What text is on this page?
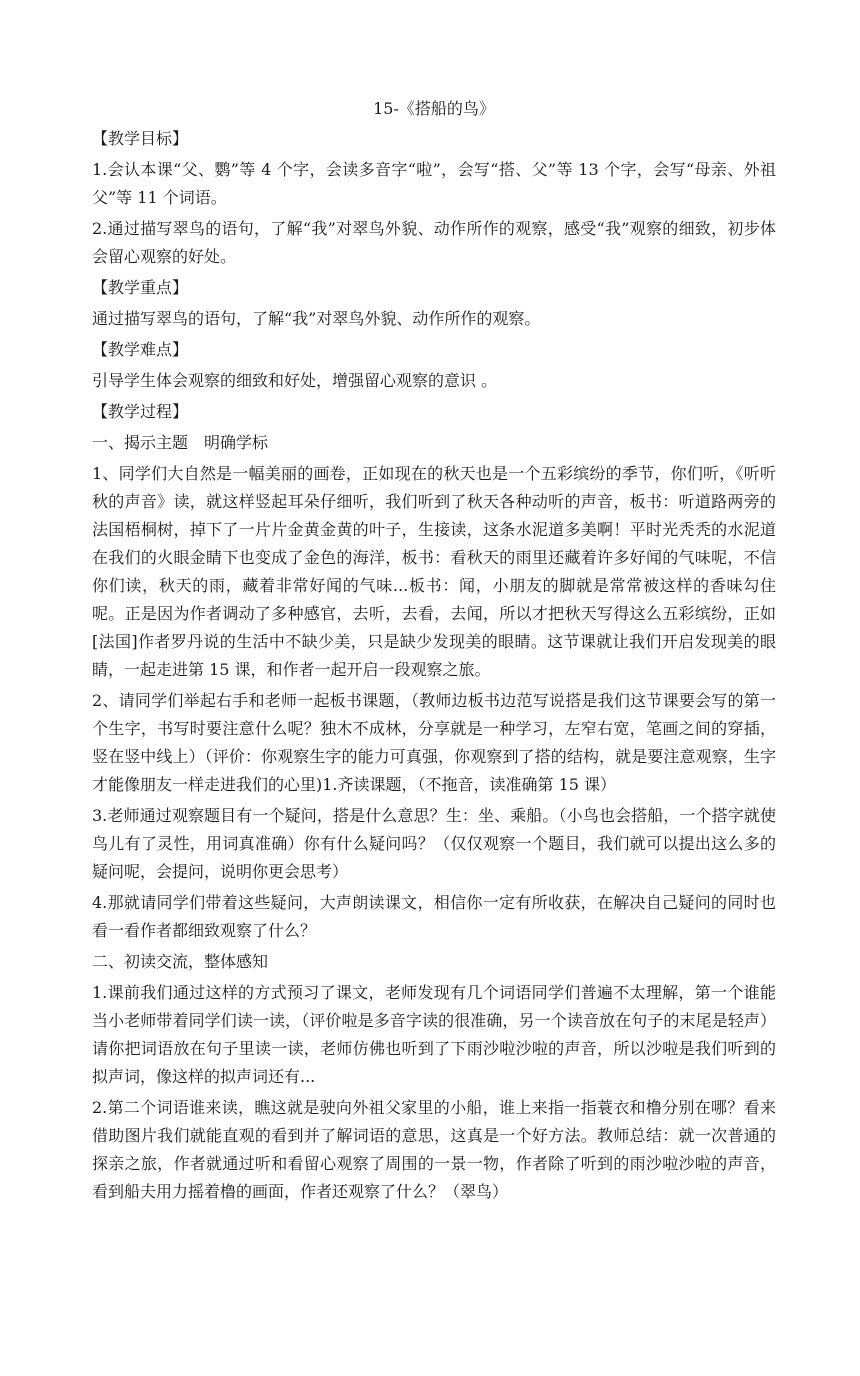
15-《搭船的鸟》

【教学目标】

1.会认本课“父、鹦”等 4 个字，会读多音字“啦”，会写“搭、父”等 13 个字，会写“母亲、外祖父”等 11 个词语。

2.通过描写翠鸟的语句，了解“我”对翠鸟外貌、动作所作的观察，感受“我”观察的细致，初步体会留心观察的好处。

【教学重点】

通过描写翠鸟的语句，了解“我”对翠鸟外貌、动作所作的观察。

【教学难点】

引导学生体会观察的细致和好处，增强留心观察的意识 。

【教学过程】

一、揭示主题　明确学标

1、同学们大自然是一幅美丽的画卷，正如现在的秋天也是一个五彩缤纷的季节，你们听，《听听秋的声音》读，就这样竖起耳朵仔细听，我们听到了秋天各种动听的声音，板书：听道路两旁的法国梧桐树，掉下了一片片金黄金黄的叶子，生接读，这条水泥道多美啊！平时光秃秃的水泥道在我们的火眼金睛下也变成了金色的海洋，板书：看秋天的雨里还藏着许多好闻的气味呢，不信你们读，秋天的雨，藏着非常好闻的气味...板书：闻，小朋友的脚就是常常被这样的香味勾住呢。正是因为作者调动了多种感官，去听，去看，去闻，所以才把秋天写得这么五彩缤纷，正如[法国]作者罗丹说的生活中不缺少美，只是缺少发现美的眼睛。这节课就让我们开启发现美的眼睛，一起走进第 15 课，和作者一起开启一段观察之旅。

2、请同学们举起右手和老师一起板书课题，（教师边板书边范写说搭是我们这节课要会写的第一个生字，书写时要注意什么呢？独木不成林，分享就是一种学习，左窄右宽，笔画之间的穿插，竖在竖中线上）（评价：你观察生字的能力可真强，你观察到了搭的结构，就是要注意观察，生字才能像朋友一样走进我们的心里)1.齐读课题，（不拖音，读准确第 15 课）

3.老师通过观察题目有一个疑问，搭是什么意思？生：坐、乘船。（小鸟也会搭船，一个搭字就使鸟儿有了灵性，用词真准确）你有什么疑问吗？（仅仅观察一个题目，我们就可以提出这么多的疑问呢，会提问，说明你更会思考）

4.那就请同学们带着这些疑问，大声朗读课文，相信你一定有所收获，在解决自己疑问的同时也看一看作者都细致观察了什么？

二、初读交流，整体感知

1.课前我们通过这样的方式预习了课文，老师发现有几个词语同学们普遍不太理解，第一个谁能当小老师带着同学们读一读，（评价啦是多音字读的很准确，另一个读音放在句子的末尾是轻声）请你把词语放在句子里读一读，老师仿佛也听到了下雨沙啦沙啦的声音，所以沙啦是我们听到的拟声词，像这样的拟声词还有...

2.第二个词语谁来读，瞧这就是驶向外祖父家里的小船，谁上来指一指蓑衣和橹分别在哪？看来借助图片我们就能直观的看到并了解词语的意思，这真是一个好方法。教师总结：就一次普通的探亲之旅，作者就通过听和看留心观察了周围的一景一物，作者除了听到的雨沙啦沙啦的声音，看到船夫用力摇着橹的画面，作者还观察了什么？（翠鸟）
